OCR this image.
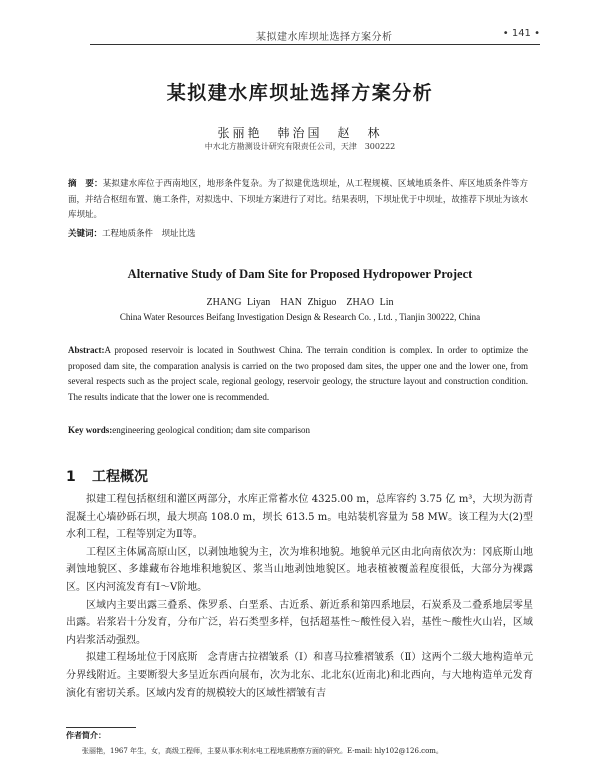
某拟建水库坝址选择方案分析	• 141 •
某拟建水库坝址选择方案分析
张丽艳　韩治国　赵　林
中水北方勘测设计研究有限责任公司，天津　300222
摘　要：某拟建水库位于西南地区，地形条件复杂。为了拟建优选坝址，从工程规模、区域地质条件、库区地质条件等方面，并结合枢纽布置、施工条件，对拟选中、下坝址方案进行了对比。结果表明，下坝址优于中坝址，故推荐下坝址为该水库坝址。
关键词：工程地质条件　坝址比选
Alternative Study of Dam Site for Proposed Hydropower Project
ZHANG Liyan　HAN Zhiguo　ZHAO Lin
China Water Resources Beifang Investigation Design & Research Co. , Ltd. , Tianjin 300222, China
Abstract:A proposed reservoir is located in Southwest China. The terrain condition is complex. In order to optimize the proposed dam site, the comparation analysis is carried on the two proposed dam sites, the upper one and the lower one, from several respects such as the project scale, regional geology, reservoir geology, the structure layout and construction condition. The results indicate that the lower one is recommended.
Key words:engineering geological condition; dam site comparison
1 工程概况

拟建工程包括枢纽和灌区两部分，水库正常蓄水位 4325.00 m，总库容约 3.75 亿 m³，大坝为沥青混凝土心墙砂砾石坝，最大坝高 108.0 m，坝长 613.5 m。电站装机容量为 58 MW。该工程为大(2)型水利工程，工程等别定为Ⅱ等。

工程区主体属高原山区，以剥蚀地貌为主，次为堆积地貌。地貌单元区由北向南依次为：冈底斯山地剥蚀地貌区、多雄藏布谷地堆积地貌区、浆当山地剥蚀地貌区。地表植被覆盖程度很低，大部分为裸露区。区内河流发育有Ⅰ～Ⅴ阶地。

区域内主要出露三叠系、侏罗系、白垩系、古近系、新近系和第四系地层，石炭系及二叠系地层零星出露。岩浆岩十分发育，分布广泛，岩石类型多样，包括超基性～酸性侵入岩，基性～酸性火山岩，区域内岩浆活动强烈。

拟建工程场址位于冈底斯　念青唐古拉褶皱系（Ⅰ）和喜马拉雅褶皱系（Ⅱ）这两个二级大地构造单元分界线附近。主要断裂大多呈近东西向展布，次为北东、北北东(近南北)和北西向，与大地构造单元发育演化有密切关系。区域内发育的规模较大的区域性褶皱有吉

作者简介：
张丽艳，1967 年生，女，高级工程师，主要从事水利水电工程地质勘察方面的研究。E-mail: hly102@126.com。
